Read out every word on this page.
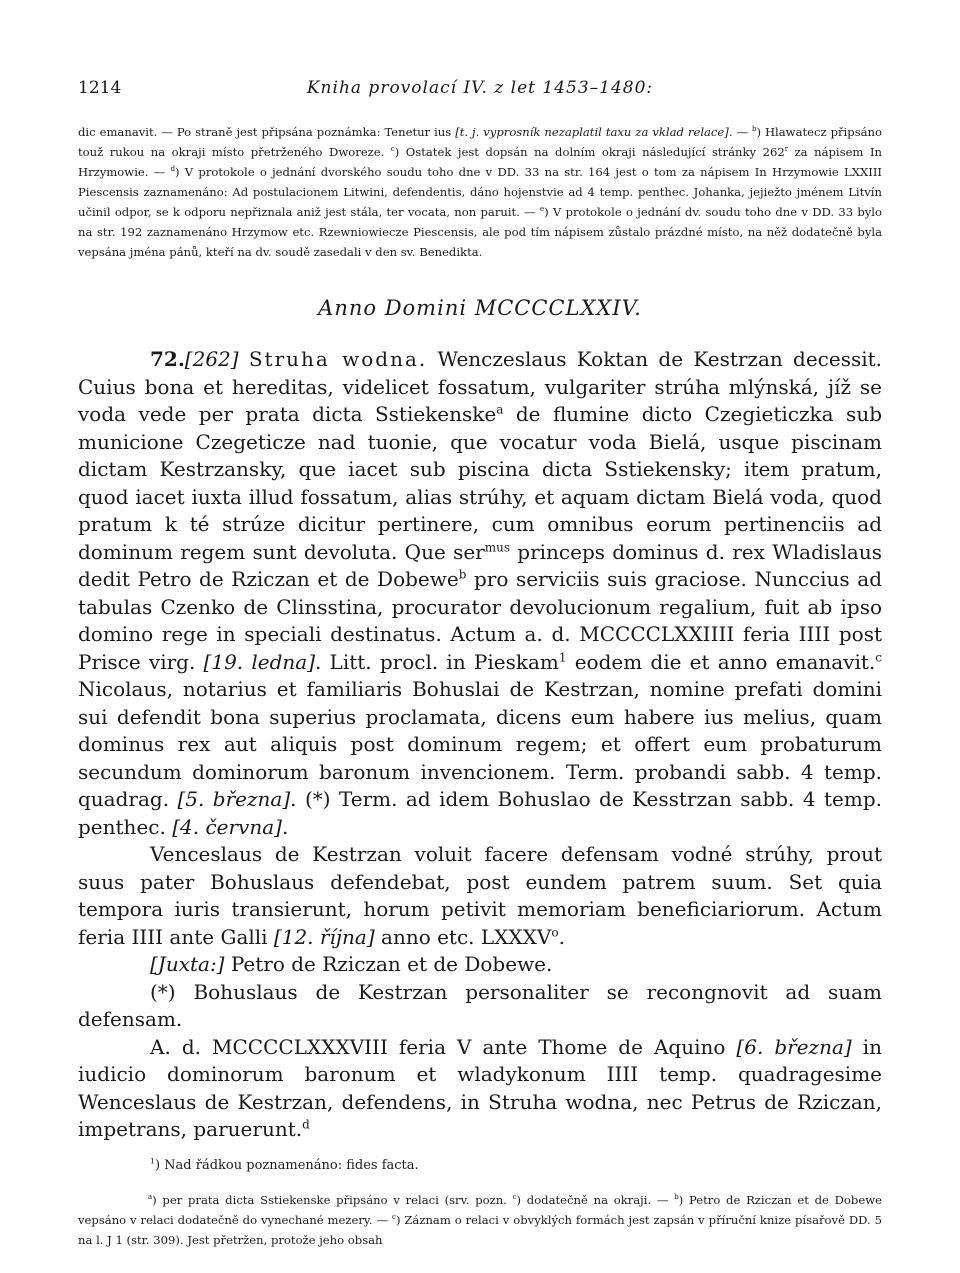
1214	Kniha provolací IV. z let 1453–1480:

dic emanavit. — Po straně jest připsána poznámka: Tenetur ius [t. j. vyprosník nezaplatil taxu za vklad relace]. — $^b$) Hlawatecz připsáno touž rukou na okraji místo přetrženého Dworeze. $^c$) Ostatek jest dopsán na dolním okraji následující stránky 262$^r$ za nápisem In Hrzymowie. — $^d$) V protokole o jednání dvorského soudu toho dne v DD. 33 na str. 164 jest o tom za nápisem In Hrzymowie LXXIII Piescensis zaznamenáno: Ad postulacionem Litwini, defendentis, dáno hojenstvie ad 4 temp. penthec. Johanka, jejiežto jménem Litvín učinil odpor, se k odporu nepřiznala aniž jest stála, ter vocata, non paruit. — $^e$) V protokole o jednání dv. soudu toho dne v DD. 33 bylo na str. 192 zaznamenáno Hrzymow etc. Rzewniowiecze Piescensis, ale pod tím nápisem zůstalo prázdné místo, na něž dodatečně byla vepsána jména pánů, kteří na dv. soudě zasedali v den sv. Benedikta.

Anno Domini MCCCCLXXIV.

72.[262] Struha wodna. Wenczeslaus Koktan de Kestrzan decessit. Cuius bona et hereditas, videlicet fossatum, vulgariter strúha mlýnská, jíž se voda vede per prata dicta Sstiekenske$^a$ de flumine dicto Czegieticzka sub municione Czegeticze nad tuonie, que vocatur voda Bielá, usque piscinam dictam Kestrzansky, que iacet sub piscina dicta Sstiekensky; item pratum, quod iacet iuxta illud fossatum, alias strúhy, et aquam dictam Bielá voda, quod pratum k té strúze dicitur pertinere, cum omnibus eorum pertinenciis ad dominum regem sunt devoluta. Que ser$^{mus}$ princeps dominus d. rex Wladislaus dedit Petro de Rziczan et de Dobewe$^b$ pro serviciis suis graciose. Nunccius ad tabulas Czenko de Clinsstina, procurator devolucionum regalium, fuit ab ipso domino rege in speciali destinatus. Actum a. d. MCCCCLXXIIII feria IIII post Prisce virg. [19. ledna]. Litt. procl. in Pieskam$^1$ eodem die et anno emanavit.$^c$ Nicolaus, notarius et familiaris Bohuslai de Kestrzan, nomine prefati domini sui defendit bona superius proclamata, dicens eum habere ius melius, quam dominus rex aut aliquis post dominum regem; et offert eum probaturum secundum dominorum baronum invencionem. Term. probandi sabb. 4 temp. quadrag. [5. března]. (*) Term. ad idem Bohuslao de Kesstrzan sabb. 4 temp. penthec. [4. června].

Venceslaus de Kestrzan voluit facere defensam vodné strúhy, prout suus pater Bohuslaus defendebat, post eundem patrem suum. Set quia tempora iuris transierunt, horum petivit memoriam beneficiariorum. Actum feria IIII ante Galli [12. října] anno etc. LXXXV$^o$.

[Juxta:] Petro de Rziczan et de Dobewe.

(*) Bohuslaus de Kestrzan personaliter se recongnovit ad suam defensam.

A. d. MCCCCLXXXVIII feria V ante Thome de Aquino [6. března] in iudicio dominorum baronum et wladykonum IIII temp. quadragesime Wenceslaus de Kestrzan, defendens, in Struha wodna, nec Petrus de Rziczan, impetrans, paruerunt.$^d$

$^1$) Nad řádkou poznamenáno: fides facta.

$^a$) per prata dicta Sstiekenske připsáno v relaci (srv. pozn. $^c$) dodatečně na okraji. — $^b$) Petro de Rziczan et de Dobewe vepsáno v relaci dodatečně do vynechané mezery. — $^c$) Záznam o relaci v obvyklých formách jest zapsán v příruční knize písařově DD. 5 na l. J 1 (str. 309). Jest přetržen, protože jeho obsah
